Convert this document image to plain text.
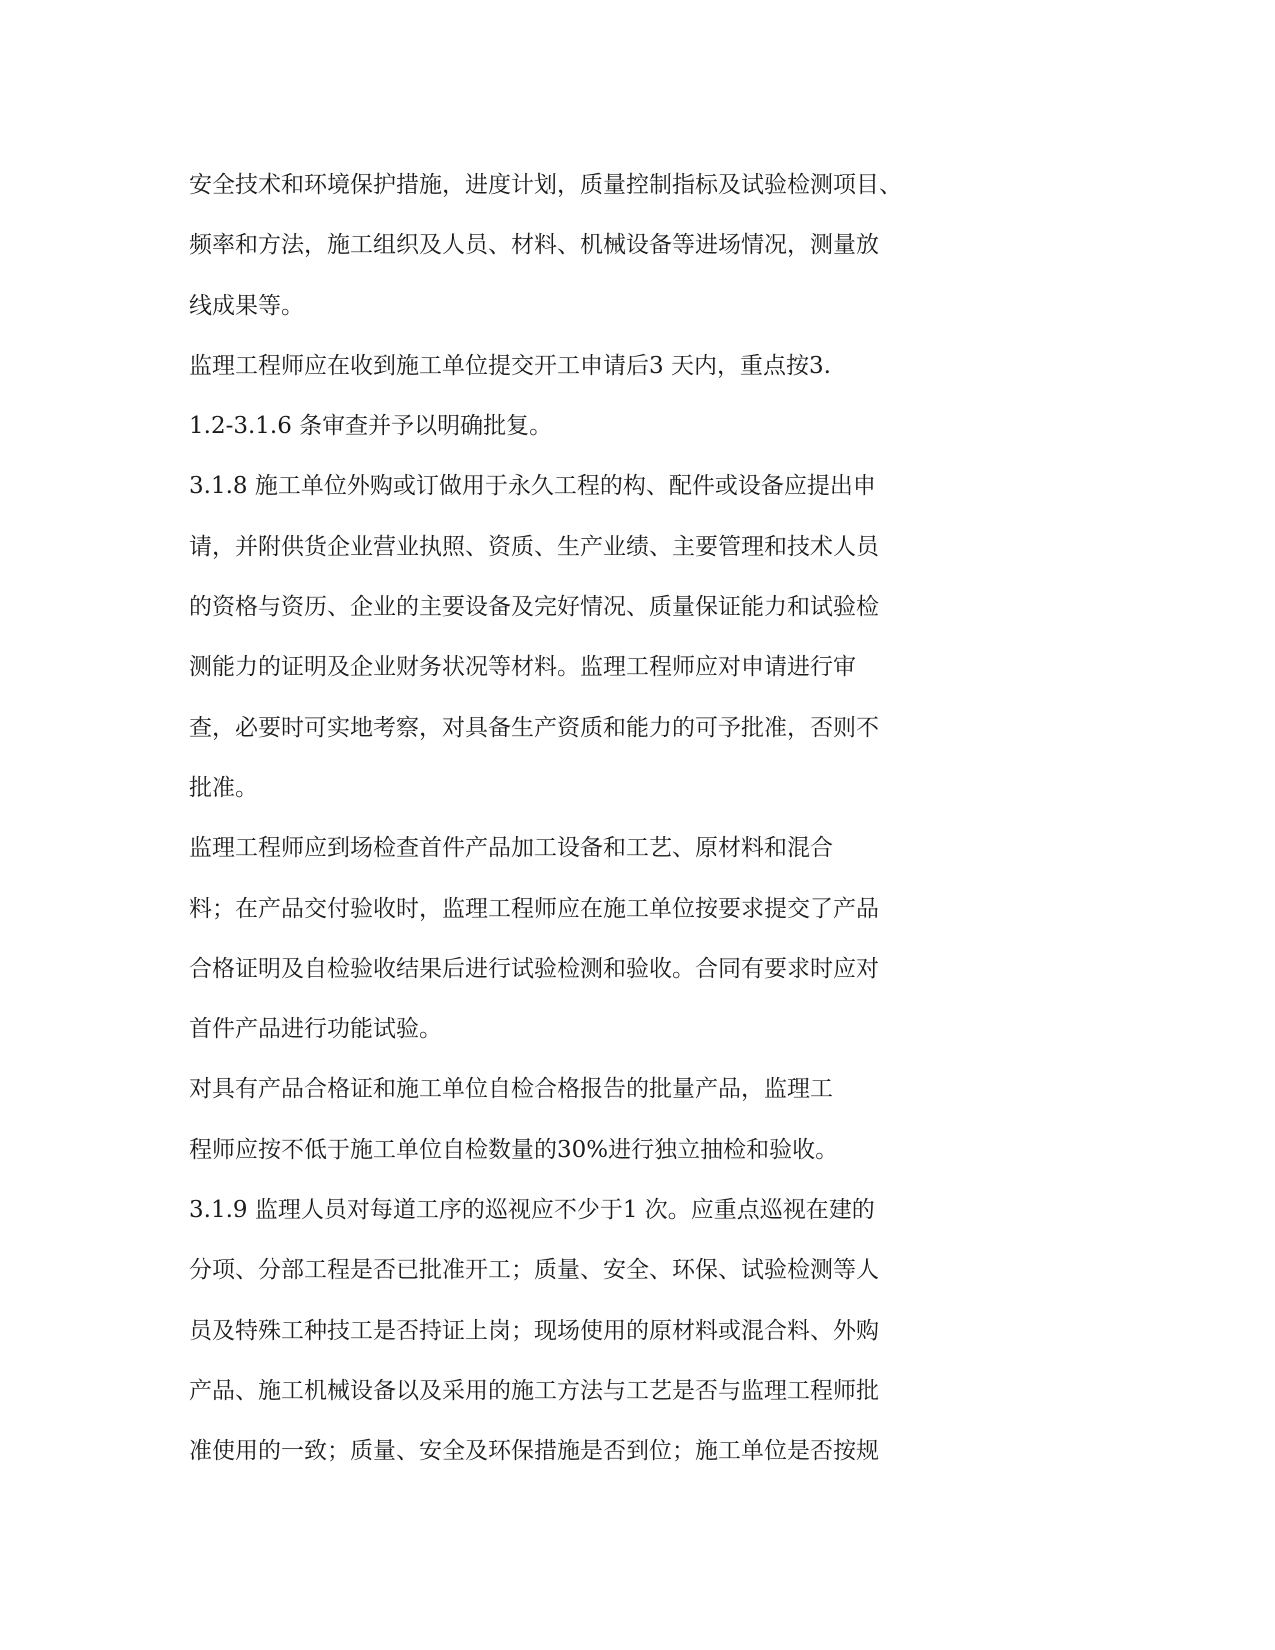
安全技术和环境保护措施，进度计划，质量控制指标及试验检测项目、
频率和方法，施工组织及人员、材料、机械设备等进场情况，测量放
线成果等。
监理工程师应在收到施工单位提交开工申请后3 天内，重点按3.
1.2-3.1.6 条审查并予以明确批复。
3.1.8 施工单位外购或订做用于永久工程的构、配件或设备应提出申
请，并附供货企业营业执照、资质、生产业绩、主要管理和技术人员
的资格与资历、企业的主要设备及完好情况、质量保证能力和试验检
测能力的证明及企业财务状况等材料。监理工程师应对申请进行审
查，必要时可实地考察，对具备生产资质和能力的可予批准，否则不
批准。
监理工程师应到场检查首件产品加工设备和工艺、原材料和混合
料；在产品交付验收时，监理工程师应在施工单位按要求提交了产品
合格证明及自检验收结果后进行试验检测和验收。合同有要求时应对
首件产品进行功能试验。
对具有产品合格证和施工单位自检合格报告的批量产品，监理工
程师应按不低于施工单位自检数量的30%进行独立抽检和验收。
3.1.9 监理人员对每道工序的巡视应不少于1 次。应重点巡视在建的
分项、分部工程是否已批准开工；质量、安全、环保、试验检测等人
员及特殊工种技工是否持证上岗；现场使用的原材料或混合料、外购
产品、施工机械设备以及采用的施工方法与工艺是否与监理工程师批
准使用的一致；质量、安全及环保措施是否到位；施工单位是否按规
